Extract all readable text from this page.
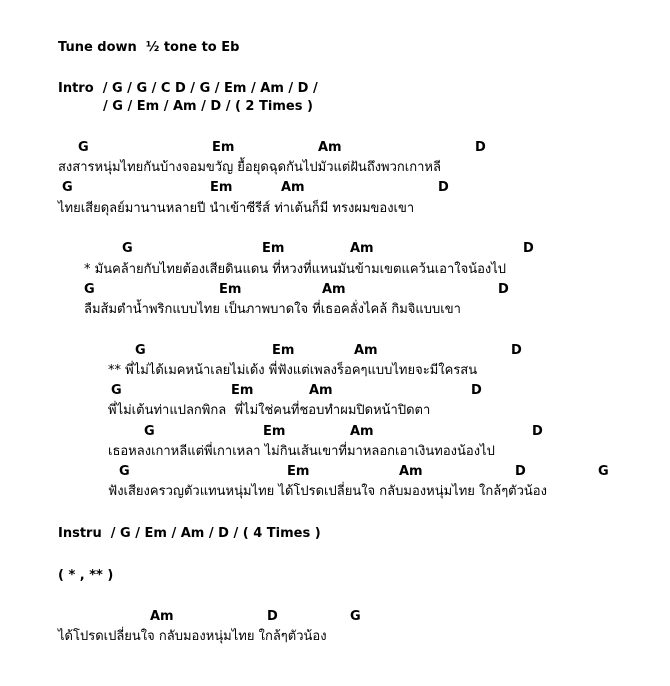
Tune down  ½ tone to Eb
Intro  / G / G / C D / G / Em / Am / D /
/ G / Em / Am / D / ( 2 Times )
G	Em	Am	D
สงสารหนุ่มไทยกันบ้างจอมขวัญ ยื้อยุดฉุดกันไปมัวแต่ฝันถึงพวกเกาหลี
G	Em	Am	D
ไทยเสียดุลย์มานานหลายปี นำเข้าซีรีส์ ท่าเต้นก็มี ทรงผมของเขา
G	Em	Am	D
* มันคล้ายกับไทยต้องเสียดินแดน ที่หวงที่แหนมันข้ามเขตแคว้นเอาใจน้องไป
G	Em	Am	D
ลืมส้มตำน้ำพริกแบบไทย เป็นภาพบาดใจ ที่เธอคลั่งไคล้ กิมจิแบบเขา
G	Em	Am	D
** พี่ไม่ได้เมคหน้าเลยไม่เด้ง พี่ฟังแต่เพลงร็อคๆแบบไทยจะมีใครสน
G	Em	Am	D
พี่ไม่เต้นท่าแปลกพิกล  พี่ไม่ใช่คนที่ชอบทำผมปิดหน้าปิดตา
G	Em	Am	D
เธอหลงเกาหลีแต่พี่เกาเหลา ไม่กินเส้นเขาที่มาหลอกเอาเงินทองน้องไป
G	Em	Am	D	G
ฟังเสียงครวญตัวแทนหนุ่มไทย ได้โปรดเปลี่ยนใจ กลับมองหนุ่มไทย ใกล้ๆตัวน้อง
Instru  / G / Em / Am / D / ( 4 Times )
( * , ** )
Am	D	G
ได้โปรดเปลี่ยนใจ กลับมองหนุ่มไทย ใกล้ๆตัวน้อง
